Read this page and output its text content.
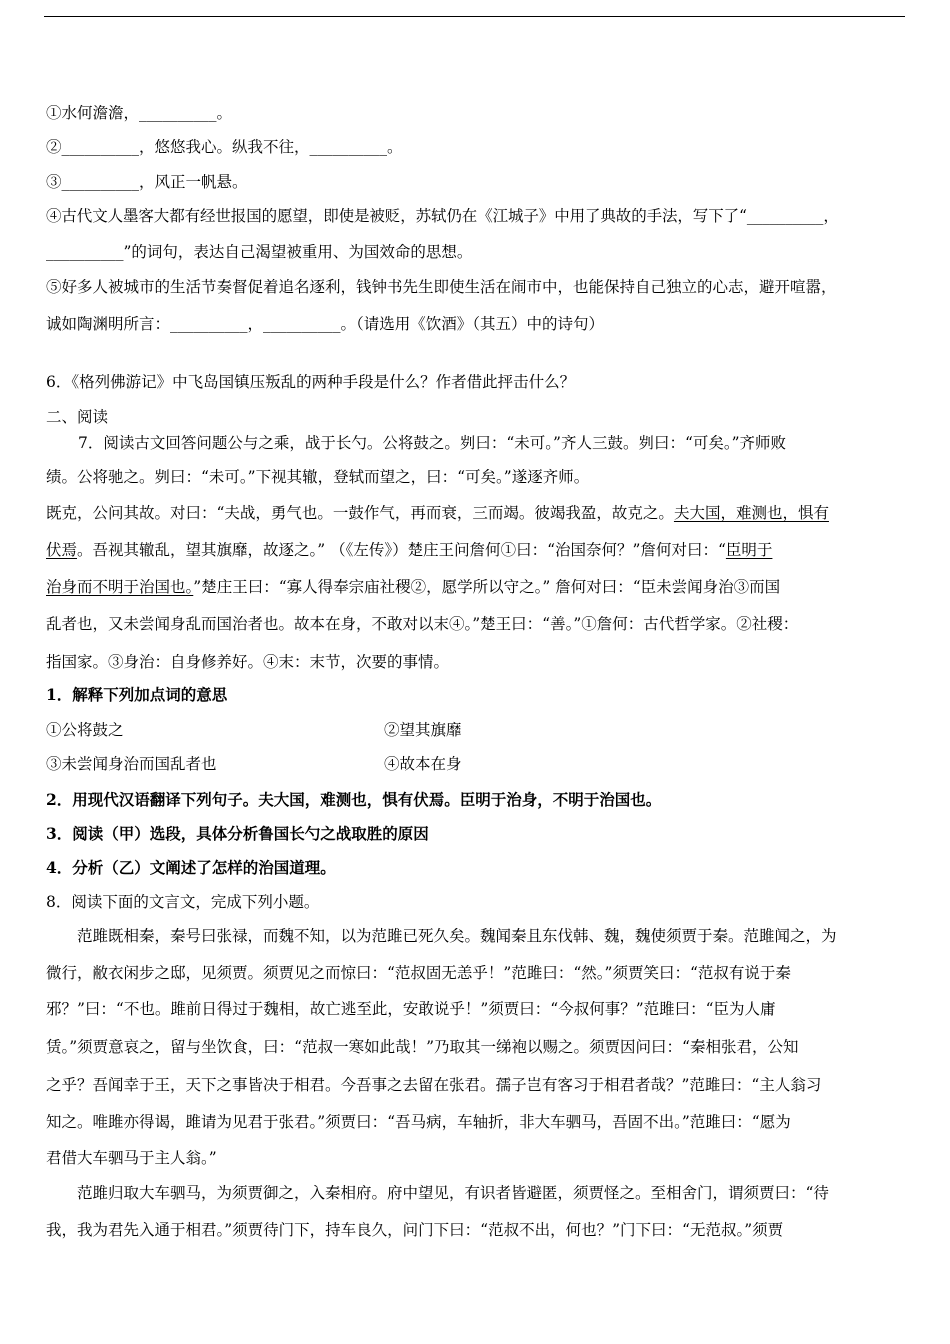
①水何澹澹，__________。
②__________，悠悠我心。纵我不往，__________。
③__________，风正一帆悬。
④古代文人墨客大都有经世报国的愿望，即使是被贬，苏轼仍在《江城子》中用了典故的手法，写下了“__________，
__________”的词句，表达自己渴望被重用、为国效命的思想。
⑤好多人被城市的生活节奏督促着追名逐利，钱钟书先生即使生活在闹市中，也能保持自己独立的心志，避开喧嚣，
诚如陶渊明所言：__________，__________。（请选用《饮酒》（其五）中的诗句）
6．《格列佛游记》中飞岛国镇压叛乱的两种手段是什么？作者借此抨击什么？
二、阅读
7．阅读古文回答问题公与之乘，战于长勺。公将鼓之。刿曰：“未可。”齐人三鼓。刿曰：“可矣。”齐师败
绩。公将驰之。刿曰：“未可。”下视其辙，登轼而望之，曰：“可矣。”遂逐齐师。
既克，公问其故。对曰：“夫战，勇气也。一鼓作气，再而衰，三而竭。彼竭我盈，故克之。夫大国，难测也，惧有
伏焉。吾视其辙乱，望其旗靡，故逐之。” （《左传》）楚庄王问詹何①曰：“治国奈何？”詹何对曰：“臣明于
治身而不明于治国也。”楚庄王曰：“寡人得奉宗庙社稷②，愿学所以守之。” 詹何对曰：“臣未尝闻身治③而国
乱者也，又未尝闻身乱而国治者也。故本在身，不敢对以末④。”楚王曰：“善。”①詹何：古代哲学家。②社稷：
指国家。③身治：自身修养好。④末：末节，次要的事情。
1．解释下列加点词的意思
①公将鼓之	②望其旗靡
③未尝闻身治而国乱者也	④故本在身
2．用现代汉语翻译下列句子。夫大国，难测也，惧有伏焉。臣明于治身，不明于治国也。
3．阅读（甲）选段，具体分析鲁国长勺之战取胜的原因
4．分析（乙）文阐述了怎样的治国道理。
8．阅读下面的文言文，完成下列小题。
　　范雎既相秦，秦号曰张禄，而魏不知，以为范雎已死久矣。魏闻秦且东伐韩、魏，魏使须贾于秦。范雎闻之，为
微行，敝衣闲步之邸，见须贾。须贾见之而惊曰：“范叔固无恙乎！”范雎曰：“然。”须贾笑曰：“范叔有说于秦
邪？”曰：“不也。雎前日得过于魏相，故亡逃至此，安敢说乎！”须贾曰：“今叔何事？”范雎曰：“臣为人庸
赁。”须贾意哀之，留与坐饮食，曰：“范叔一寒如此哉！”乃取其一绨袍以赐之。须贾因问曰：“秦相张君，公知
之乎？吾闻幸于王，天下之事皆决于相君。今吾事之去留在张君。孺子岂有客习于相君者哉？”范雎曰：“主人翁习
知之。唯雎亦得谒，雎请为见君于张君。”须贾曰：“吾马病，车轴折，非大车驷马，吾固不出。”范雎曰：“愿为
君借大车驷马于主人翁。”
　　范雎归取大车驷马，为须贾御之，入秦相府。府中望见，有识者皆避匿，须贾怪之。至相舍门，谓须贾曰：“待
我，我为君先入通于相君。”须贾待门下，持车良久，问门下曰：“范叔不出，何也？”门下曰：“无范叔。”须贾
